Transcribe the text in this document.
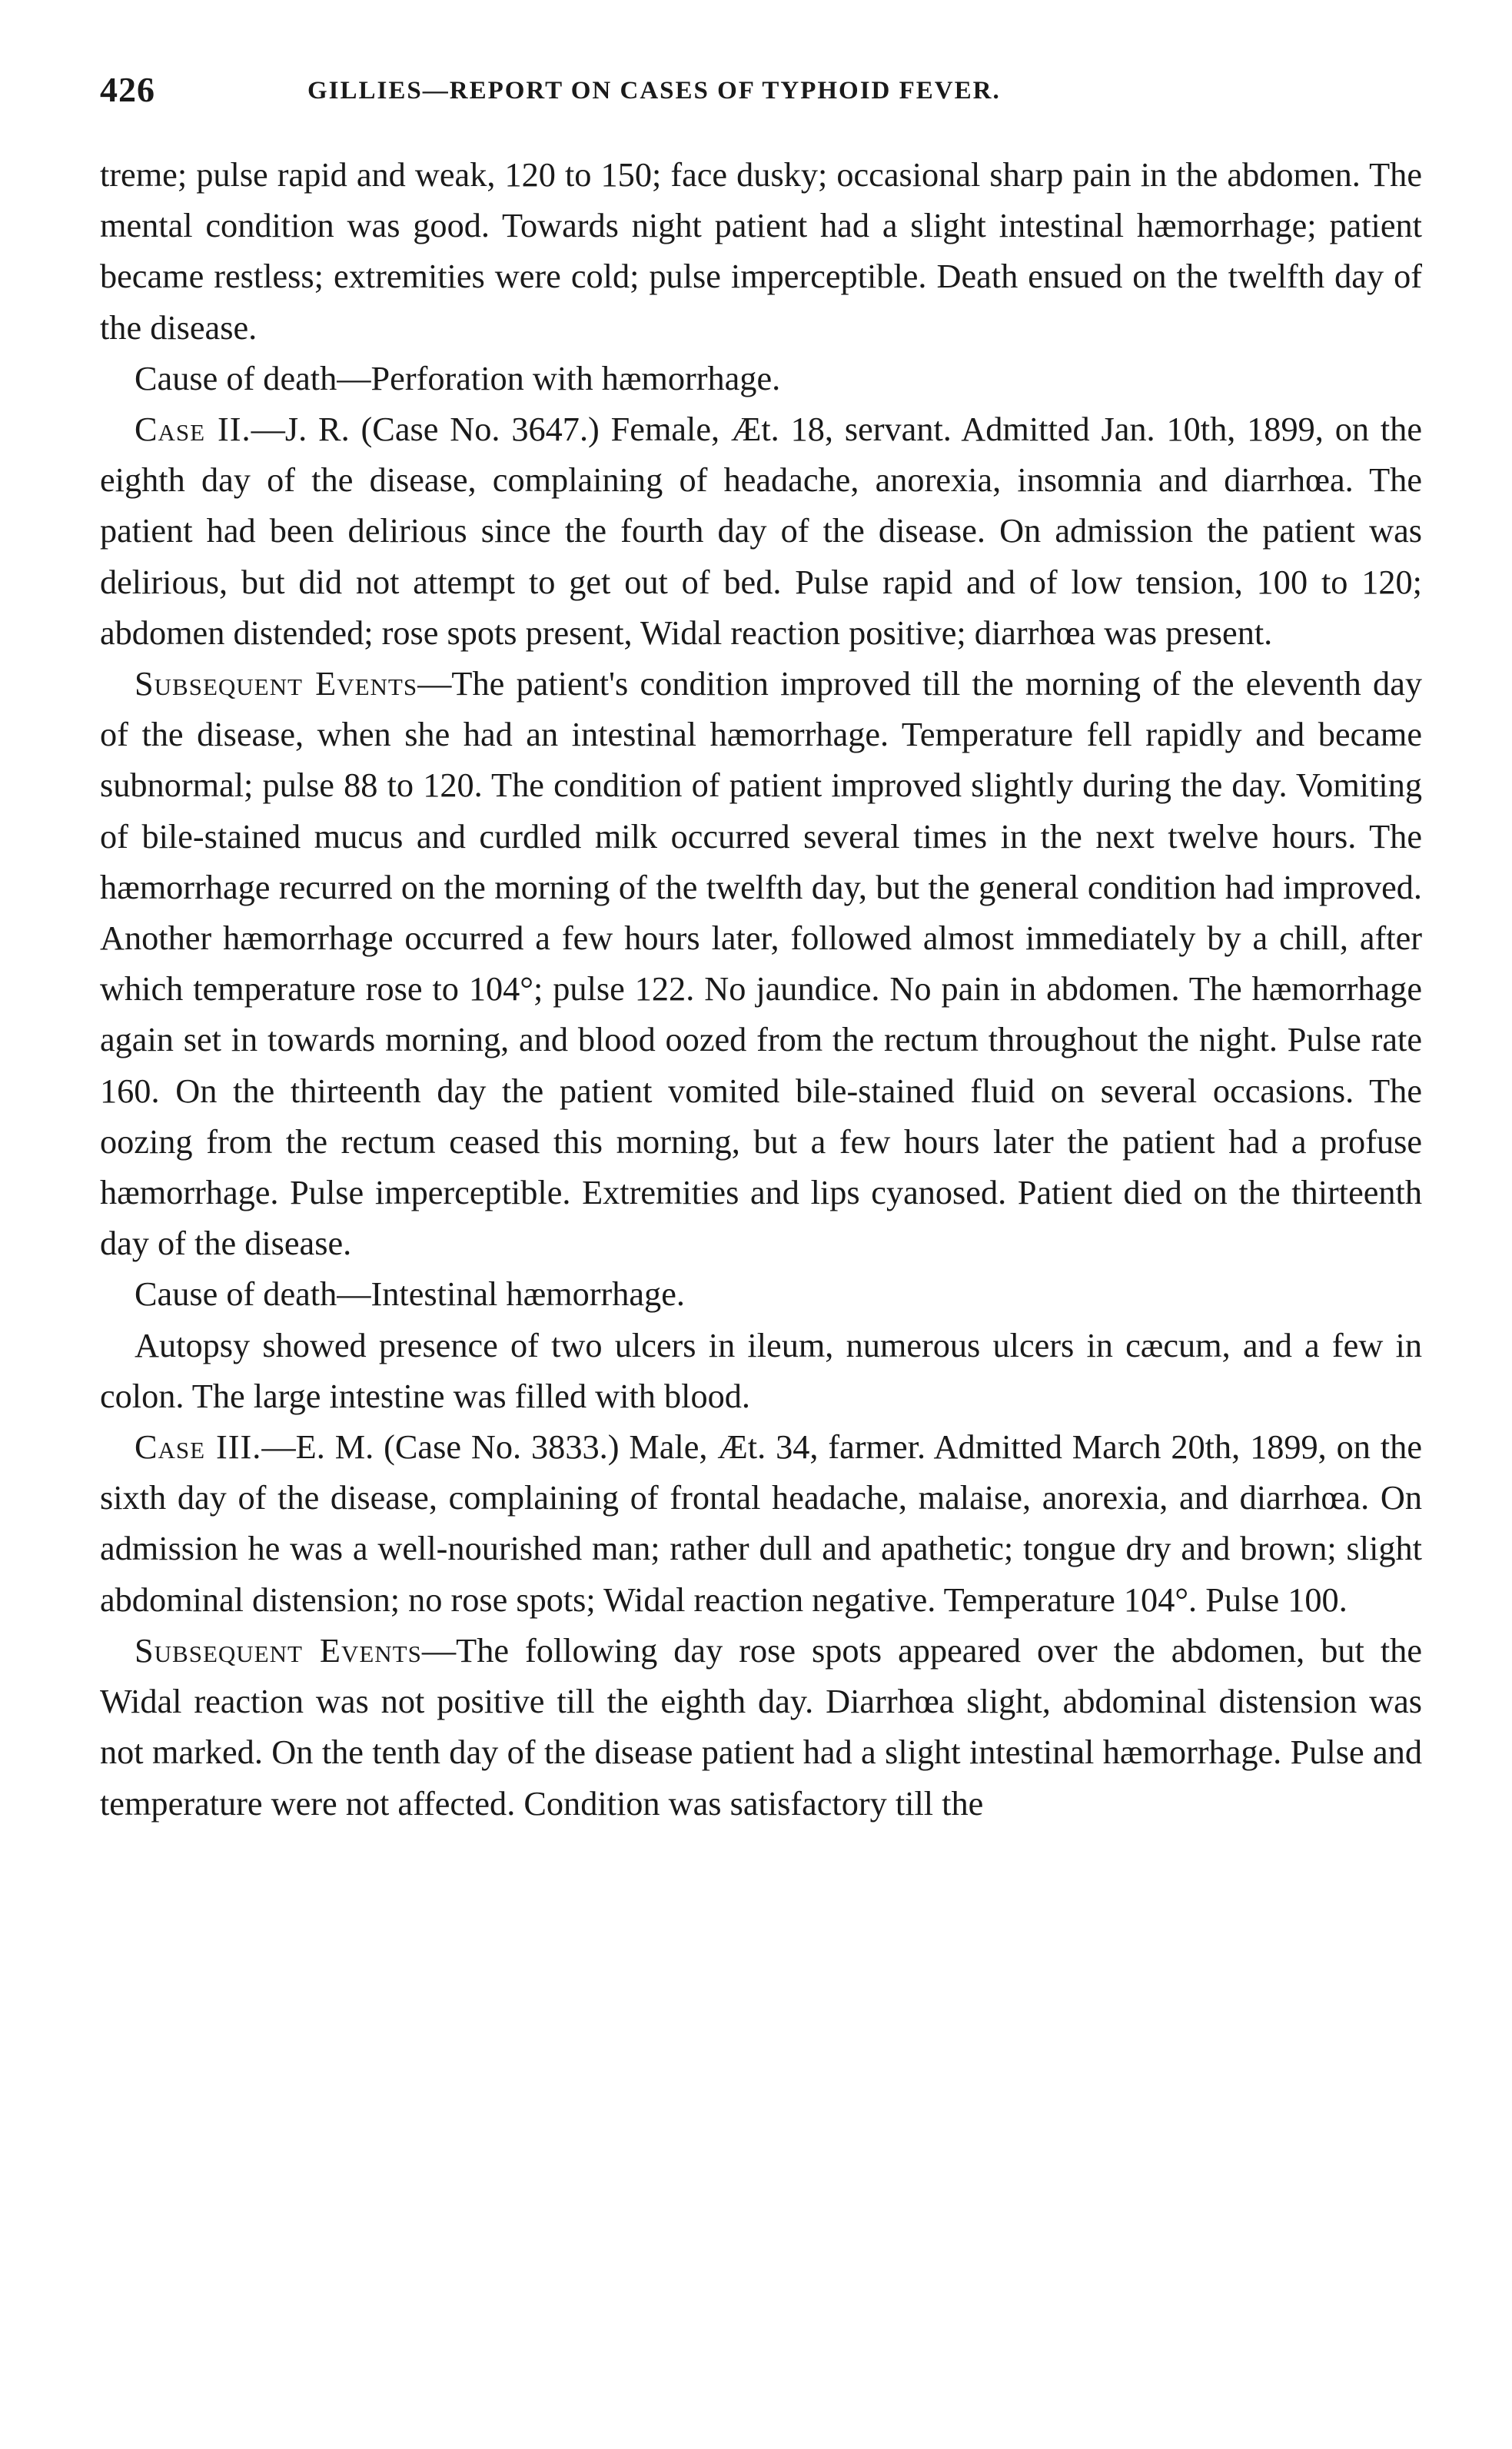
426	GILLIES—REPORT ON CASES OF TYPHOID FEVER.

treme; pulse rapid and weak, 120 to 150; face dusky; occasional sharp pain in the abdomen. The mental condition was good. Towards night patient had a slight intestinal hæmorrhage; patient became restless; extremities were cold; pulse imperceptible. Death ensued on the twelfth day of the disease.

Cause of death—Perforation with hæmorrhage.

Case II.—J. R. (Case No. 3647.) Female, Æt. 18, servant. Admitted Jan. 10th, 1899, on the eighth day of the disease, complaining of headache, anorexia, insomnia and diarrhœa. The patient had been delirious since the fourth day of the disease. On admission the patient was delirious, but did not attempt to get out of bed. Pulse rapid and of low tension, 100 to 120; abdomen distended; rose spots present, Widal reaction positive; diarrhœa was present.

Subsequent Events—The patient's condition improved till the morning of the eleventh day of the disease, when she had an intestinal hæmorrhage. Temperature fell rapidly and became subnormal; pulse 88 to 120. The condition of patient improved slightly during the day. Vomiting of bile-stained mucus and curdled milk occurred several times in the next twelve hours. The hæmorrhage recurred on the morning of the twelfth day, but the general condition had improved. Another hæmorrhage occurred a few hours later, followed almost immediately by a chill, after which temperature rose to 104°; pulse 122. No jaundice. No pain in abdomen. The hæmorrhage again set in towards morning, and blood oozed from the rectum throughout the night. Pulse rate 160. On the thirteenth day the patient vomited bile-stained fluid on several occasions. The oozing from the rectum ceased this morning, but a few hours later the patient had a profuse hæmorrhage. Pulse imperceptible. Extremities and lips cyanosed. Patient died on the thirteenth day of the disease.

Cause of death—Intestinal hæmorrhage.

Autopsy showed presence of two ulcers in ileum, numerous ulcers in cæcum, and a few in colon. The large intestine was filled with blood.

Case III.—E. M. (Case No. 3833.) Male, Æt. 34, farmer. Admitted March 20th, 1899, on the sixth day of the disease, complaining of frontal headache, malaise, anorexia, and diarrhœa. On admission he was a well-nourished man; rather dull and apathetic; tongue dry and brown; slight abdominal distension; no rose spots; Widal reaction negative. Temperature 104°. Pulse 100.

Subsequent Events—The following day rose spots appeared over the abdomen, but the Widal reaction was not positive till the eighth day. Diarrhœa slight, abdominal distension was not marked. On the tenth day of the disease patient had a slight intestinal hæmorrhage. Pulse and temperature were not affected. Condition was satisfactory till the
